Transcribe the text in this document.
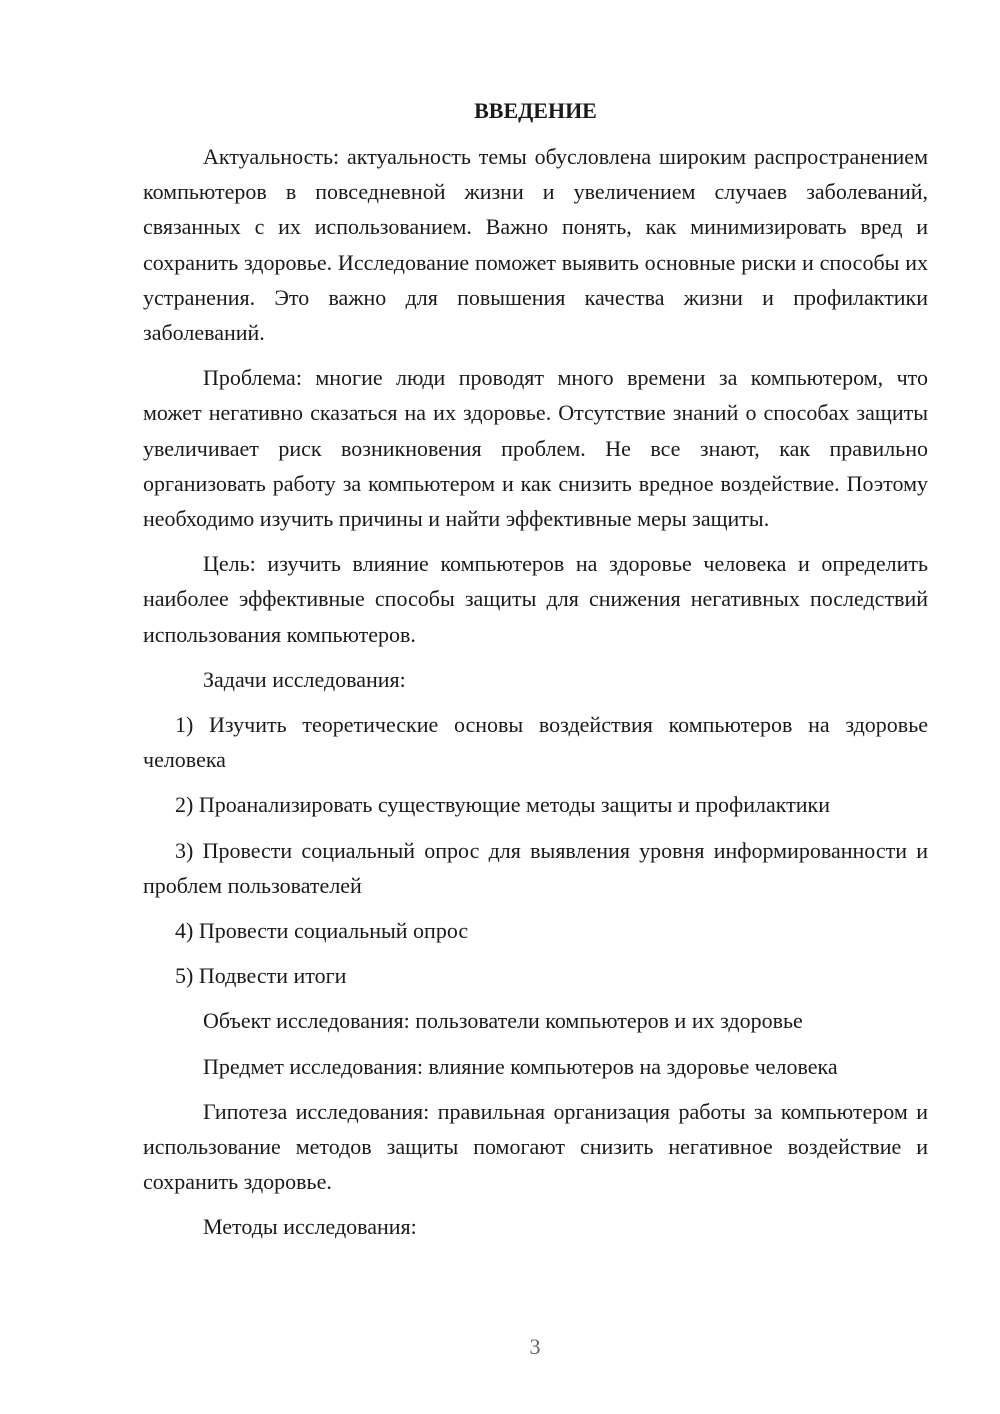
ВВЕДЕНИЕ

Актуальность: актуальность темы обусловлена широким распространением компьютеров в повседневной жизни и увеличением случаев заболеваний, связанных с их использованием. Важно понять, как минимизировать вред и сохранить здоровье. Исследование поможет выявить основные риски и способы их устранения. Это важно для повышения качества жизни и профилактики заболеваний.

Проблема: многие люди проводят много времени за компьютером, что может негативно сказаться на их здоровье. Отсутствие знаний о способах защиты увеличивает риск возникновения проблем. Не все знают, как правильно организовать работу за компьютером и как снизить вредное воздействие. Поэтому необходимо изучить причины и найти эффективные меры защиты.

Цель: изучить влияние компьютеров на здоровье человека и определить наиболее эффективные способы защиты для снижения негативных последствий использования компьютеров.

Задачи исследования:

1) Изучить теоретические основы воздействия компьютеров на здоровье человека

2) Проанализировать существующие методы защиты и профилактики

3) Провести социальный опрос для выявления уровня информированности и проблем пользователей

4) Провести социальный опрос

5) Подвести итоги

Объект исследования: пользователи компьютеров и их здоровье

Предмет исследования: влияние компьютеров на здоровье человека

Гипотеза исследования: правильная организация работы за компьютером и использование методов защиты помогают снизить негативное воздействие и сохранить здоровье.

Методы исследования:

3
